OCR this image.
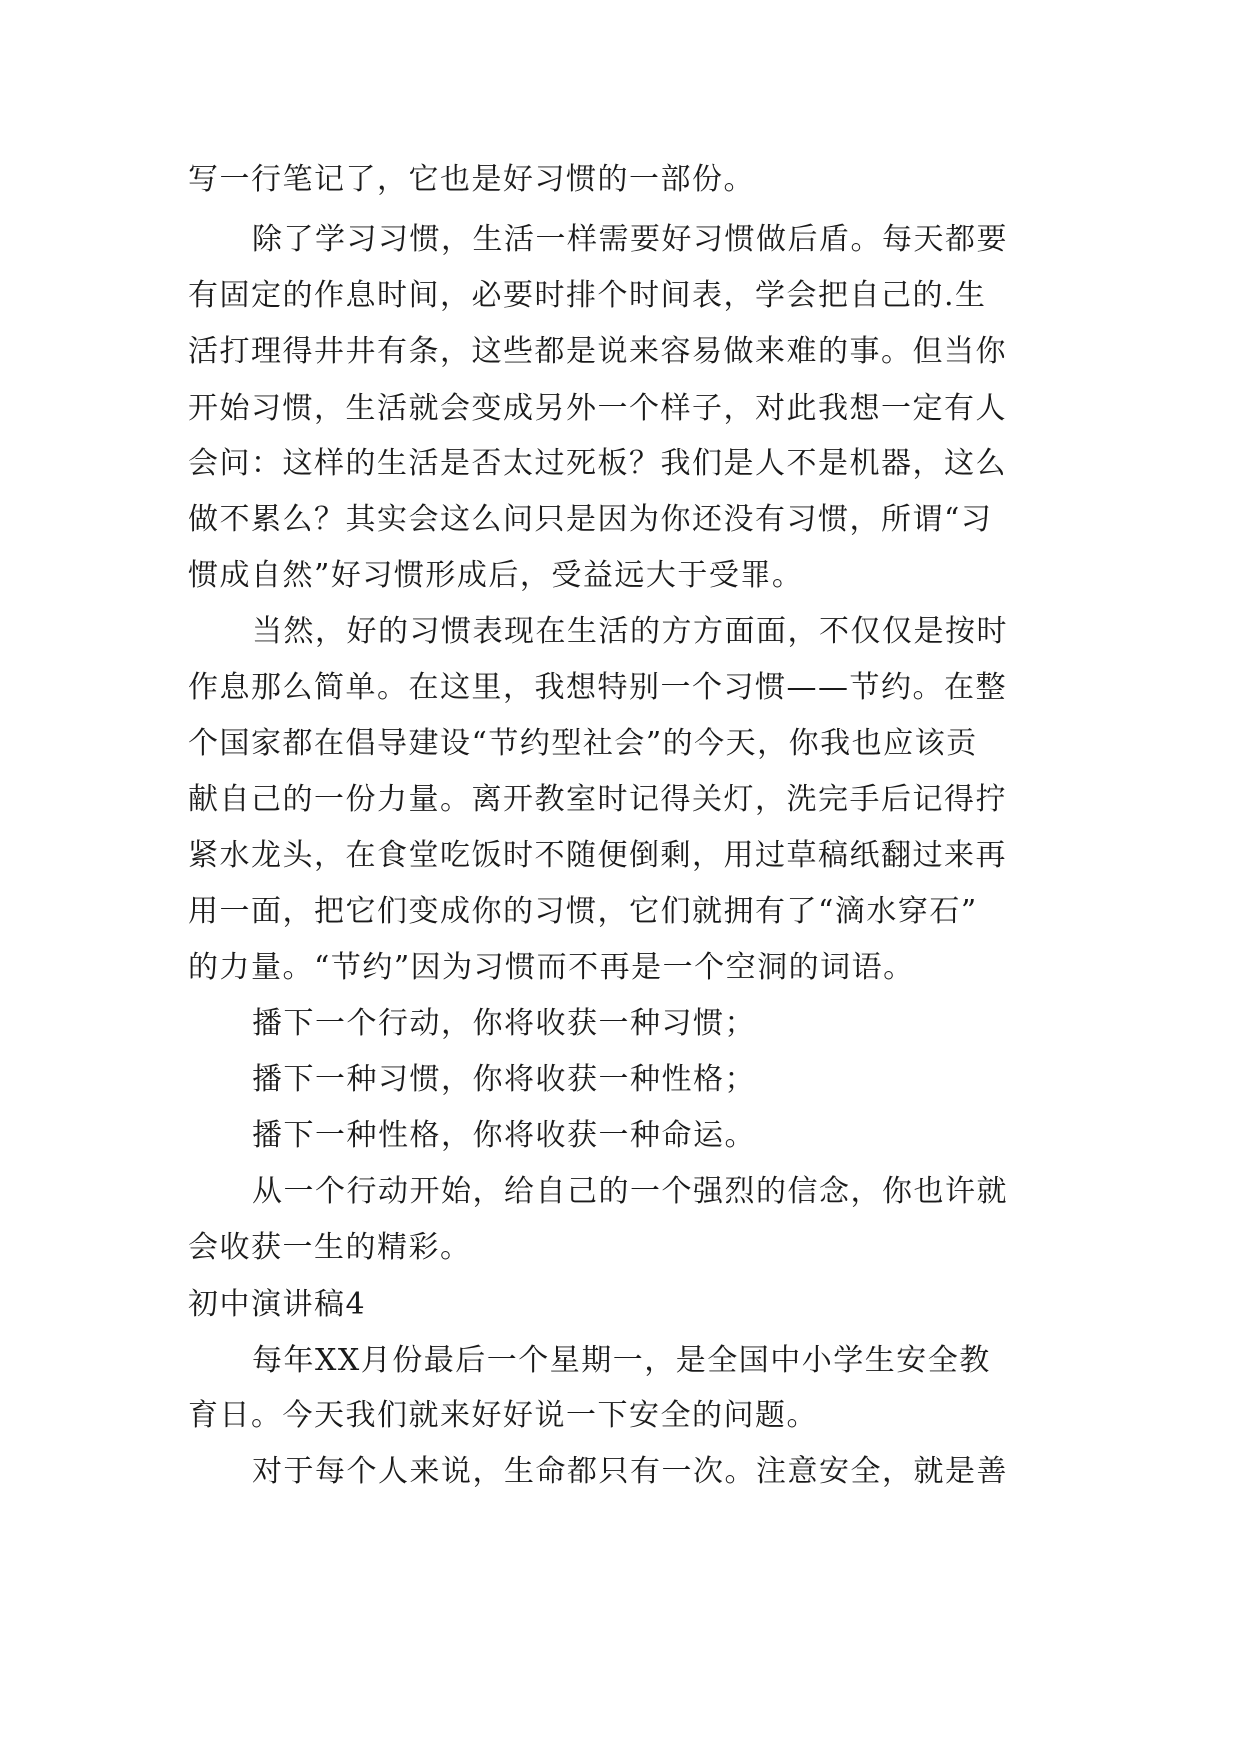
写一行笔记了，它也是好习惯的一部份。
除了学习习惯，生活一样需要好习惯做后盾。每天都要
有固定的作息时间，必要时排个时间表，学会把自己的.生
活打理得井井有条，这些都是说来容易做来难的事。但当你
开始习惯，生活就会变成另外一个样子，对此我想一定有人
会问：这样的生活是否太过死板？我们是人不是机器，这么
做不累么？其实会这么问只是因为你还没有习惯，所谓“习
惯成自然”好习惯形成后，受益远大于受罪。
当然，好的习惯表现在生活的方方面面，不仅仅是按时
作息那么简单。在这里，我想特别一个习惯——节约。在整
个国家都在倡导建设“节约型社会”的今天，你我也应该贡
献自己的一份力量。离开教室时记得关灯，洗完手后记得拧
紧水龙头，在食堂吃饭时不随便倒剩，用过草稿纸翻过来再
用一面，把它们变成你的习惯，它们就拥有了“滴水穿石”
的力量。“节约”因为习惯而不再是一个空洞的词语。
播下一个行动，你将收获一种习惯；
播下一种习惯，你将收获一种性格；
播下一种性格，你将收获一种命运。
从一个行动开始，给自己的一个强烈的信念，你也许就
会收获一生的精彩。
初中演讲稿4
每年XX月份最后一个星期一，是全国中小学生安全教
育日。今天我们就来好好说一下安全的问题。
对于每个人来说，生命都只有一次。注意安全，就是善
